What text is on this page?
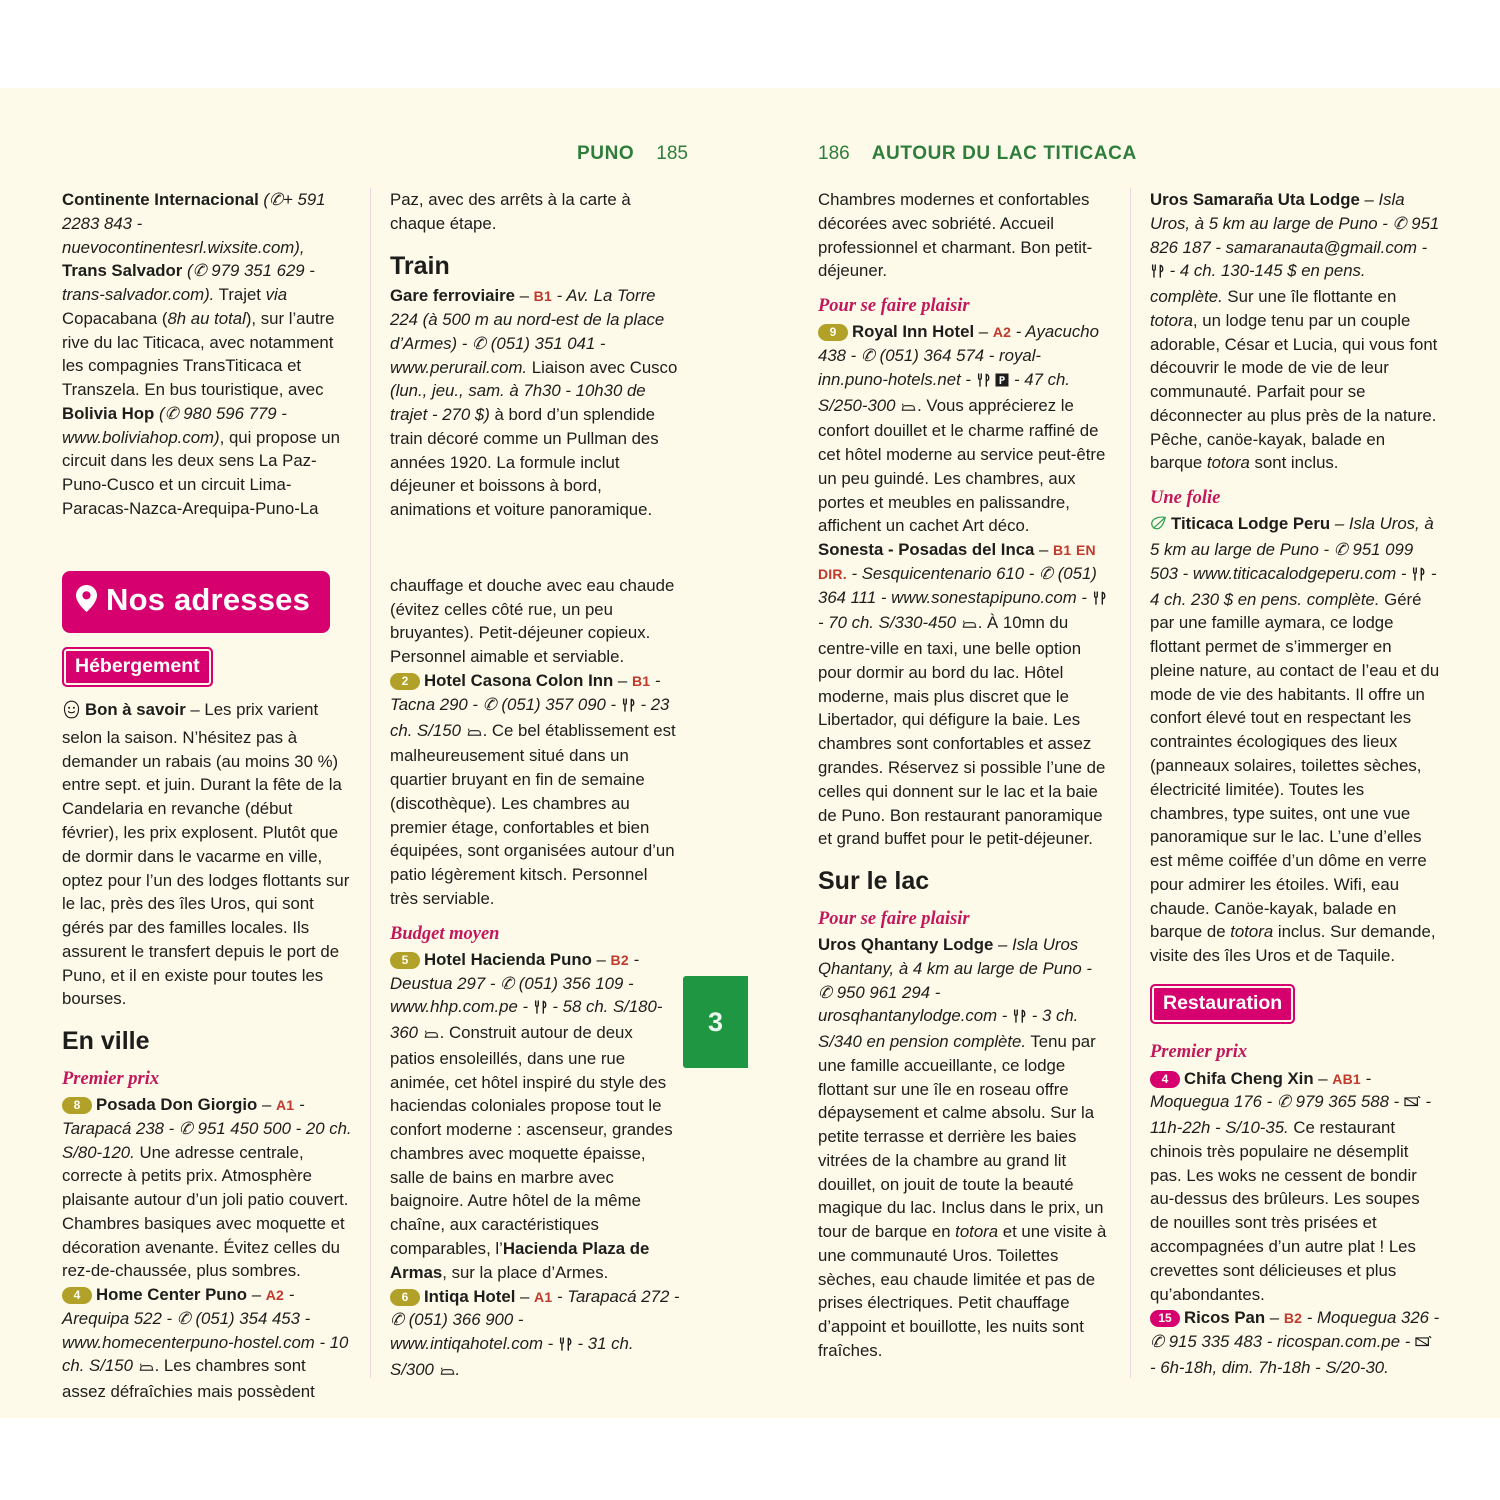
PUNO 185

Continente Internacional (✆+ 591 2283 843 - nuevocontinentesrl.wixsite.com), Trans Salvador (✆ 979 351 629 - trans-salvador.com). Trajet via Copacabana (8h au total), sur l’autre rive du lac Titicaca, avec notamment les compagnies TransTiticaca et Transzela. En bus touristique, avec Bolivia Hop (✆ 980 596 779 - www.boliviahop.com), qui propose un circuit dans les deux sens La Paz-Puno-Cusco et un circuit Lima-Paracas-Nazca-Arequipa-Puno-La

Nos adresses
Hébergement

Bon à savoir – Les prix varient selon la saison. N’hésitez pas à demander un rabais (au moins 30 %) entre sept. et juin. Durant la fête de la Candelaria en revanche (début février), les prix explosent. Plutôt que de dormir dans le vacarme en ville, optez pour l’un des lodges flottants sur le lac, près des îles Uros, qui sont gérés par des familles locales. Ils assurent le transfert depuis le port de Puno, et il en existe pour toutes les bourses.

En ville
Premier prix

8 Posada Don Giorgio – A1 - Tarapacá 238 - ✆ 951 450 500 - 20 ch. S/80-120. Une adresse centrale, correcte à petits prix. Atmosphère plaisante autour d’un joli patio couvert. Chambres basiques avec moquette et décoration avenante. Évitez celles du rez-de-chaussée, plus sombres.

4 Home Center Puno – A2 - Arequipa 522 - ✆ (051) 354 453 - www.homecenterpuno-hostel.com - 10 ch. S/150 . Les chambres sont assez défraîchies mais possèdent

Paz, avec des arrêts à la carte à chaque étape.

Train

Gare ferroviaire – B1 - Av. La Torre 224 (à 500 m au nord-est de la place d’Armes) - ✆ (051) 351 041 - www.perurail.com. Liaison avec Cusco (lun., jeu., sam. à 7h30 - 10h30 de trajet - 270 $) à bord d’un splendide train décoré comme un Pullman des années 1920. La formule inclut déjeuner et boissons à bord, animations et voiture panoramique.

chauffage et douche avec eau chaude (évitez celles côté rue, un peu bruyantes). Petit-déjeuner copieux. Personnel aimable et serviable.

2 Hotel Casona Colon Inn – B1 - Tacna 290 - ✆ (051) 357 090 -  - 23 ch. S/150 . Ce bel établissement est malheureusement situé dans un quartier bruyant en fin de semaine (discothèque). Les chambres au premier étage, confortables et bien équipées, sont organisées autour d’un patio légèrement kitsch. Personnel très serviable.

Budget moyen

5 Hotel Hacienda Puno – B2 - Deustua 297 - ✆ (051) 356 109 - www.hhp.com.pe -  - 58 ch. S/180-360 . Construit autour de deux patios ensoleillés, dans une rue animée, cet hôtel inspiré du style des haciendas coloniales propose tout le confort moderne : ascenseur, grandes chambres avec moquette épaisse, salle de bains en marbre avec baignoire. Autre hôtel de la même chaîne, aux caractéristiques comparables, l’Hacienda Plaza de Armas, sur la place d’Armes.

6 Intiqa Hotel – A1 - Tarapacá 272 - ✆ (051) 366 900 - www.intiqahotel.com -  - 31 ch. S/300 .

3
186 AUTOUR DU LAC TITICACA

Chambres modernes et confortables décorées avec sobriété. Accueil professionnel et charmant. Bon petit-déjeuner.

Pour se faire plaisir

9 Royal Inn Hotel – A2 - Ayacucho 438 - ✆ (051) 364 574 - royal-inn.puno-hotels.net -   - 47 ch. S/250-300 . Vous apprécierez le confort douillet et le charme raffiné de cet hôtel moderne au service peut-être un peu guindé. Les chambres, aux portes et meubles en palissandre, affichent un cachet Art déco.

Sonesta - Posadas del Inca – B1 EN DIR. - Sesquicentenario 610 - ✆ (051) 364 111 - www.sonestapipuno.com -  - 70 ch. S/330-450 . À 10mn du centre-ville en taxi, une belle option pour dormir au bord du lac. Hôtel moderne, mais plus discret que le Libertador, qui défigure la baie. Les chambres sont confortables et assez grandes. Réservez si possible l’une de celles qui donnent sur le lac et la baie de Puno. Bon restaurant panoramique et grand buffet pour le petit-déjeuner.

Sur le lac
Pour se faire plaisir

Uros Qhantany Lodge – Isla Uros Qhantany, à 4 km au large de Puno - ✆ 950 961 294 - urosqhantanylodge.com -  - 3 ch. S/340 en pension complète. Tenu par une famille accueillante, ce lodge flottant sur une île en roseau offre dépaysement et calme absolu. Sur la petite terrasse et derrière les baies vitrées de la chambre au grand lit douillet, on jouit de toute la beauté magique du lac. Inclus dans le prix, un tour de barque en totora et une visite à une communauté Uros. Toilettes sèches, eau chaude limitée et pas de prises électriques. Petit chauffage d’appoint et bouillotte, les nuits sont fraîches.

Uros Samaraña Uta Lodge – Isla Uros, à 5 km au large de Puno - ✆ 951 826 187 - samaranauta@gmail.com -  - 4 ch. 130-145 $ en pens. complète. Sur une île flottante en totora, un lodge tenu par un couple adorable, César et Lucia, qui vous font découvrir le mode de vie de leur communauté. Parfait pour se déconnecter au plus près de la nature. Pêche, canöe-kayak, balade en barque totora sont inclus.

Une folie

Titicaca Lodge Peru – Isla Uros, à 5 km au large de Puno - ✆ 951 099 503 - www.titicacalodgeperu.com -  - 4 ch. 230 $ en pens. complète. Géré par une famille aymara, ce lodge flottant permet de s’immerger en pleine nature, au contact de l’eau et du mode de vie des habitants. Il offre un confort élevé tout en respectant les contraintes écologiques des lieux (panneaux solaires, toilettes sèches, électricité limitée). Toutes les chambres, type suites, ont une vue panoramique sur le lac. L’une d’elles est même coiffée d’un dôme en verre pour admirer les étoiles. Wifi, eau chaude. Canöe-kayak, balade en barque de totora inclus. Sur demande, visite des îles Uros et de Taquile.

Restauration
Premier prix

4 Chifa Cheng Xin – AB1 - Moquegua 176 - ✆ 979 365 588 -  - 11h-22h - S/10-35. Ce restaurant chinois très populaire ne désemplit pas. Les woks ne cessent de bondir au-dessus des brûleurs. Les soupes de nouilles sont très prisées et accompagnées d’un autre plat ! Les crevettes sont délicieuses et plus qu’abondantes.

15 Ricos Pan – B2 - Moquegua 326 - ✆ 915 335 483 - ricospan.com.pe -  - 6h-18h, dim. 7h-18h - S/20-30.
